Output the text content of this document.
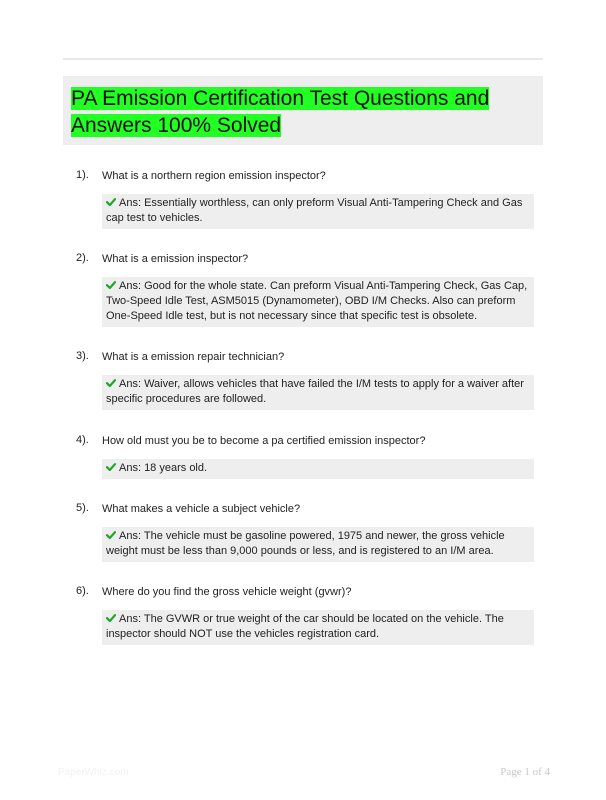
PA Emission Certification Test Questions and Answers 100% Solved
1). What is a northern region emission inspector?
Ans: Essentially worthless, can only preform Visual Anti-Tampering Check and Gas cap test to vehicles.
2). What is a emission inspector?
Ans: Good for the whole state. Can preform Visual Anti-Tampering Check, Gas Cap, Two-Speed Idle Test, ASM5015 (Dynamometer), OBD I/M Checks. Also can preform One-Speed Idle test, but is not necessary since that specific test is obsolete.
3). What is a emission repair technician?
Ans: Waiver, allows vehicles that have failed the I/M tests to apply for a waiver after specific procedures are followed.
4). How old must you be to become a pa certified emission inspector?
Ans: 18 years old.
5). What makes a vehicle a subject vehicle?
Ans: The vehicle must be gasoline powered, 1975 and newer, the gross vehicle weight must be less than 9,000 pounds or less, and is registered to an I/M area.
6). Where do you find the gross vehicle weight (gvwr)?
Ans: The GVWR or true weight of the car should be located on the vehicle. The inspector should NOT use the vehicles registration card.
PaperWhiz.com	Page 1 of 4
